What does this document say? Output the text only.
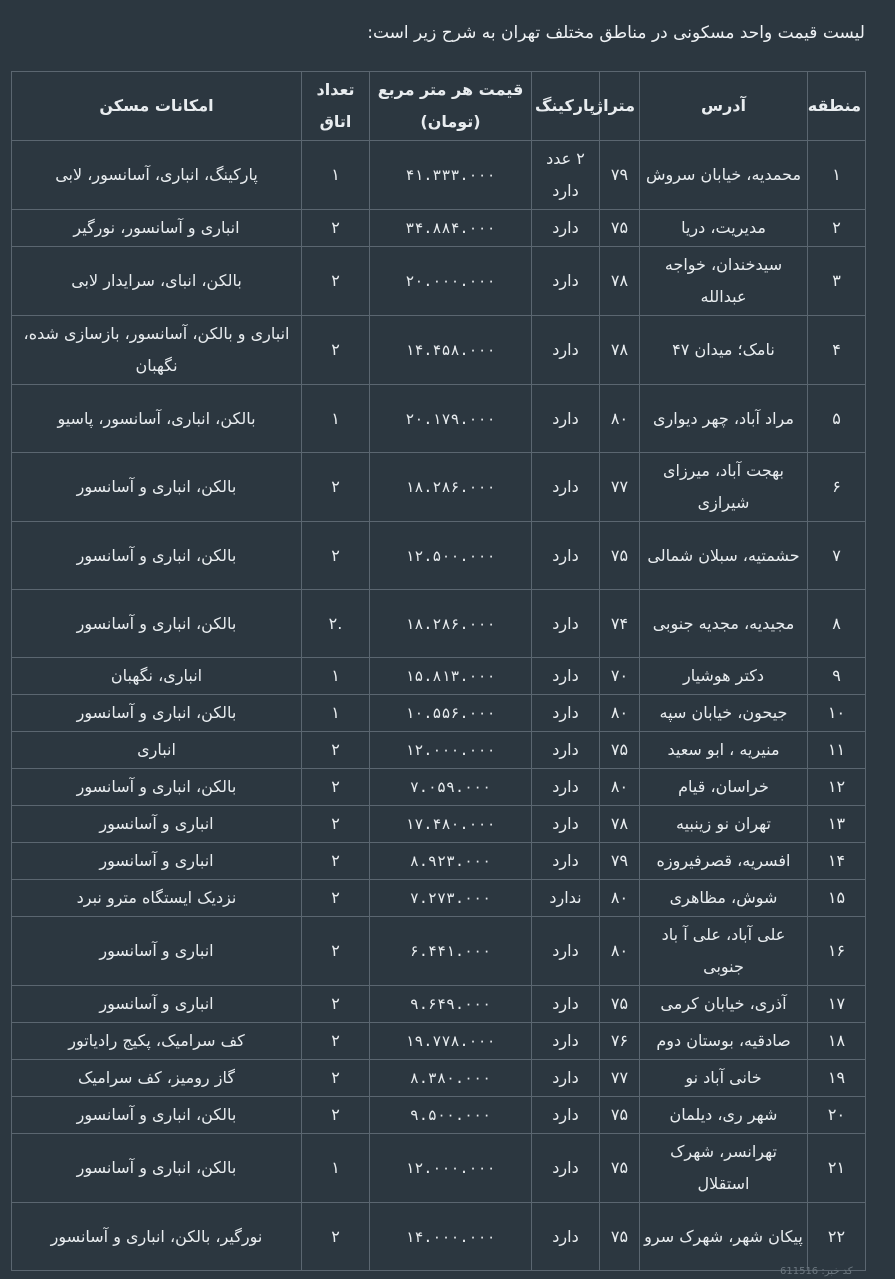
لیست قیمت واحد مسکونی در مناطق مختلف تهران به شرح زیر است:
منطقه	آدرس	متراژ	پارکینگ	قیمت هر متر مربع (تومان)	تعداد اتاق	امکانات مسکن
۱	محمدیه، خیابان سروش	۷۹	۲ عدد دارد	۴۱.۳۳۳.۰۰۰	۱	پارکینگ، انباری، آسانسور، لابی
۲	مدیریت، دریا	۷۵	دارد	۳۴.۸۸۴.۰۰۰	۲	انباری و آسانسور، نورگیر
۳	سیدخندان، خواجه عبدالله	۷۸	دارد	۲۰.۰۰۰.۰۰۰	۲	بالکن، انبای، سرایدار لابی
۴	نامک؛ میدان ۴۷	۷۸	دارد	۱۴.۴۵۸.۰۰۰	۲	انباری و بالکن، آسانسور، بازسازی شده، نگهبان
۵	مراد آباد، چهر دیواری	۸۰	دارد	۲۰.۱۷۹.۰۰۰	۱	بالکن، انباری، آسانسور، پاسیو
۶	بهجت آباد، میرزای شیرازی	۷۷	دارد	۱۸.۲۸۶.۰۰۰	۲	بالکن، انباری و آسانسور
۷	حشمتیه، سبلان شمالی	۷۵	دارد	۱۲.۵۰۰.۰۰۰	۲	بالکن، انباری و آسانسور
۸	مجیدیه، مجدیه جنوبی	۷۴	دارد	۱۸.۲۸۶.۰۰۰	.۲	بالکن، انباری و آسانسور
۹	دکتر هوشیار	۷۰	دارد	۱۵.۸۱۳.۰۰۰	۱	انباری، نگهبان
۱۰	جیحون، خیابان سپه	۸۰	دارد	۱۰.۵۵۶.۰۰۰	۱	بالکن، انباری و آسانسور
۱۱	منیریه ، ابو سعید	۷۵	دارد	۱۲.۰۰۰.۰۰۰	۲	انباری
۱۲	خراسان، قیام	۸۰	دارد	۷.۰۵۹.۰۰۰	۲	بالکن، انباری و آسانسور
۱۳	تهران نو زینبیه	۷۸	دارد	۱۷.۴۸۰.۰۰۰	۲	انباری و آسانسور
۱۴	افسریه، قصرفیروزه	۷۹	دارد	۸.۹۲۳.۰۰۰	۲	انباری و آسانسور
۱۵	شوش، مظاهری	۸۰	ندارد	۷.۲۷۳.۰۰۰	۲	نزدیک ایستگاه مترو نبرد
۱۶	علی آباد، علی آ باد جنوبی	۸۰	دارد	۶.۴۴۱.۰۰۰	۲	انباری و آسانسور
۱۷	آذری، خیابان کرمی	۷۵	دارد	۹.۶۴۹.۰۰۰	۲	انباری و آسانسور
۱۸	صادقیه، بوستان دوم	۷۶	دارد	۱۹.۷۷۸.۰۰۰	۲	کف سرامیک، پکیج رادیاتور
۱۹	خانی آباد نو	۷۷	دارد	۸.۳۸۰.۰۰۰	۲	گاز رومیز، کف سرامیک
۲۰	شهر ری، دیلمان	۷۵	دارد	۹.۵۰۰.۰۰۰	۲	بالکن، انباری و آسانسور
۲۱	تهرانسر، شهرک استقلال	۷۵	دارد	۱۲.۰۰۰.۰۰۰	۱	بالکن، انباری و آسانسور
۲۲	پیکان شهر، شهرک سرو	۷۵	دارد	۱۴.۰۰۰.۰۰۰	۲	نورگیر، بالکن، انباری و آسانسور
کد خبر: 611516
